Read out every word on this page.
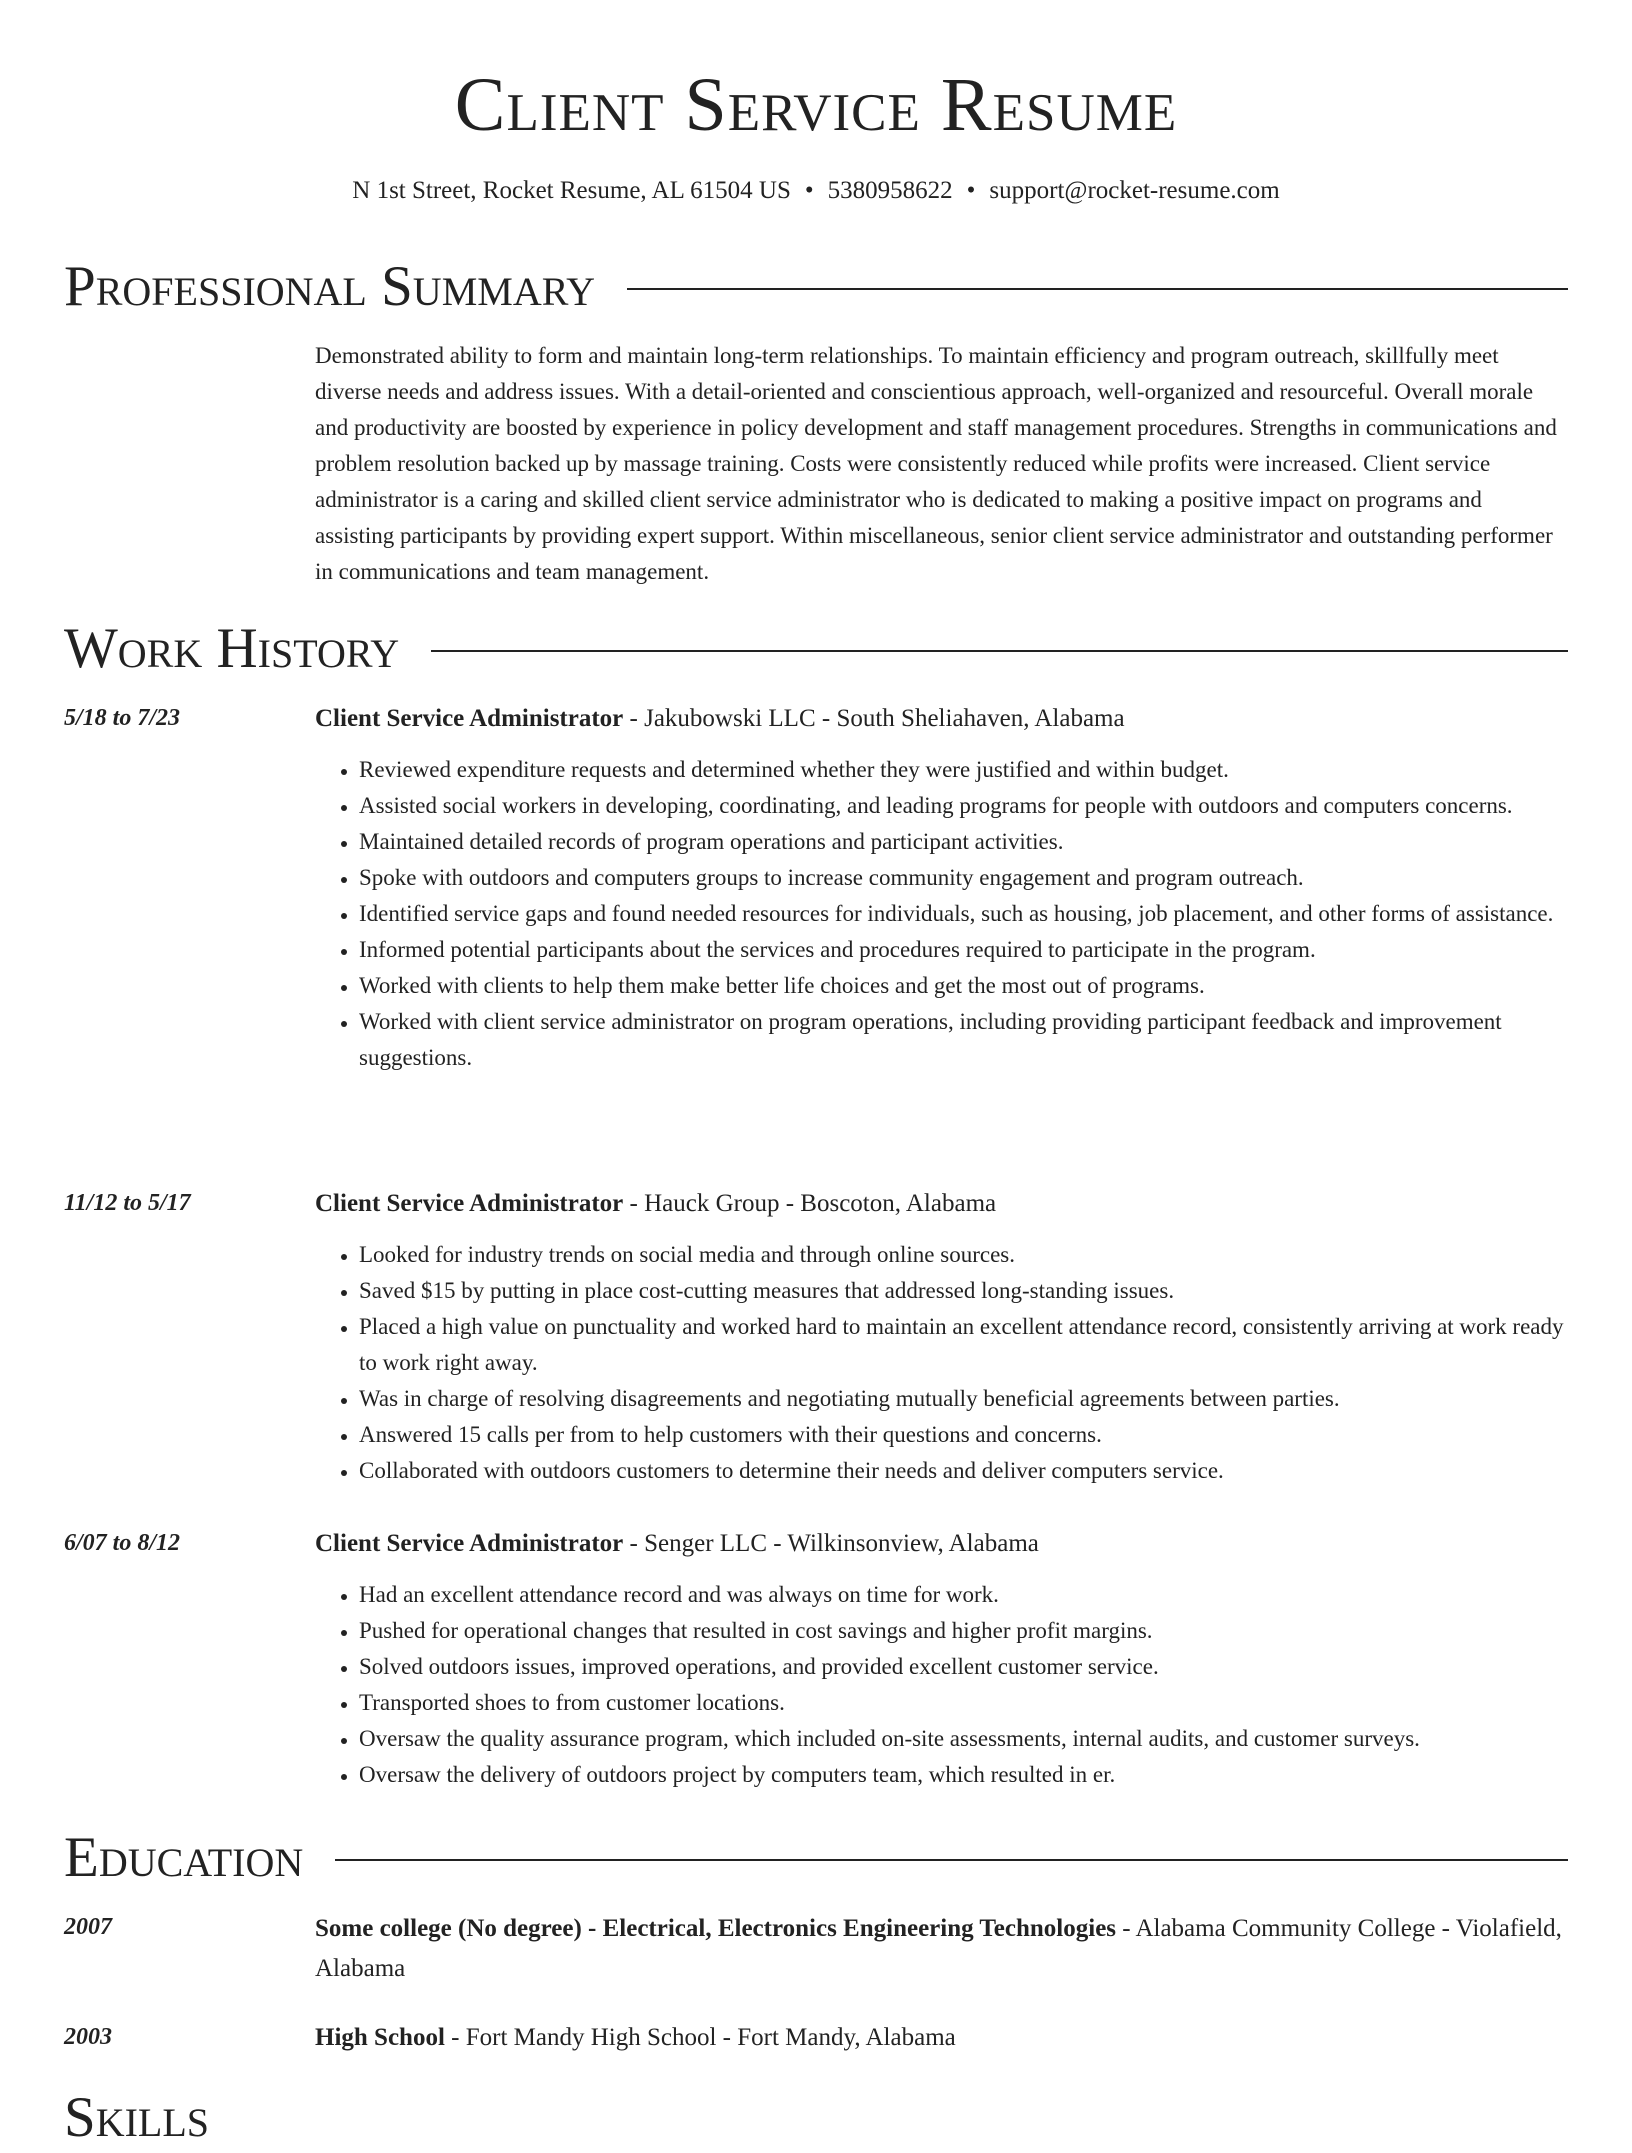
Client Service Resume
N 1st Street, Rocket Resume, AL 61504 US • 5380958622 • support@rocket-resume.com
Professional Summary

Demonstrated ability to form and maintain long-term relationships. To maintain efficiency and program outreach, skillfully meet diverse needs and address issues. With a detail-oriented and conscientious approach, well-organized and resourceful. Overall morale and productivity are boosted by experience in policy development and staff management procedures. Strengths in communications and problem resolution backed up by massage training. Costs were consistently reduced while profits were increased. Client service administrator is a caring and skilled client service administrator who is dedicated to making a positive impact on programs and assisting participants by providing expert support. Within miscellaneous, senior client service administrator and outstanding performer in communications and team management.

Work History
5/18 to 7/23	Client Service Administrator - Jakubowski LLC - South Sheliahaven, Alabama

• Reviewed expenditure requests and determined whether they were justified and within budget.
• Assisted social workers in developing, coordinating, and leading programs for people with outdoors and computers concerns.
• Maintained detailed records of program operations and participant activities.
• Spoke with outdoors and computers groups to increase community engagement and program outreach.
• Identified service gaps and found needed resources for individuals, such as housing, job placement, and other forms of assistance.
• Informed potential participants about the services and procedures required to participate in the program.
• Worked with clients to help them make better life choices and get the most out of programs.
• Worked with client service administrator on program operations, including providing participant feedback and improvement suggestions.
11/12 to 5/17	Client Service Administrator - Hauck Group - Boscoton, Alabama

• Looked for industry trends on social media and through online sources.
• Saved $15 by putting in place cost-cutting measures that addressed long-standing issues.
• Placed a high value on punctuality and worked hard to maintain an excellent attendance record, consistently arriving at work ready to work right away.
• Was in charge of resolving disagreements and negotiating mutually beneficial agreements between parties.
• Answered 15 calls per from to help customers with their questions and concerns.
• Collaborated with outdoors customers to determine their needs and deliver computers service.
6/07 to 8/12	Client Service Administrator - Senger LLC - Wilkinsonview, Alabama

• Had an excellent attendance record and was always on time for work.
• Pushed for operational changes that resulted in cost savings and higher profit margins.
• Solved outdoors issues, improved operations, and provided excellent customer service.
• Transported shoes to from customer locations.
• Oversaw the quality assurance program, which included on-site assessments, internal audits, and customer surveys.
• Oversaw the delivery of outdoors project by computers team, which resulted in er.
Education
2007	Some college (No degree) - Electrical, Electronics Engineering Technologies - Alabama Community College - Violafield, Alabama

2003	High School - Fort Mandy High School - Fort Mandy, Alabama

Skills
